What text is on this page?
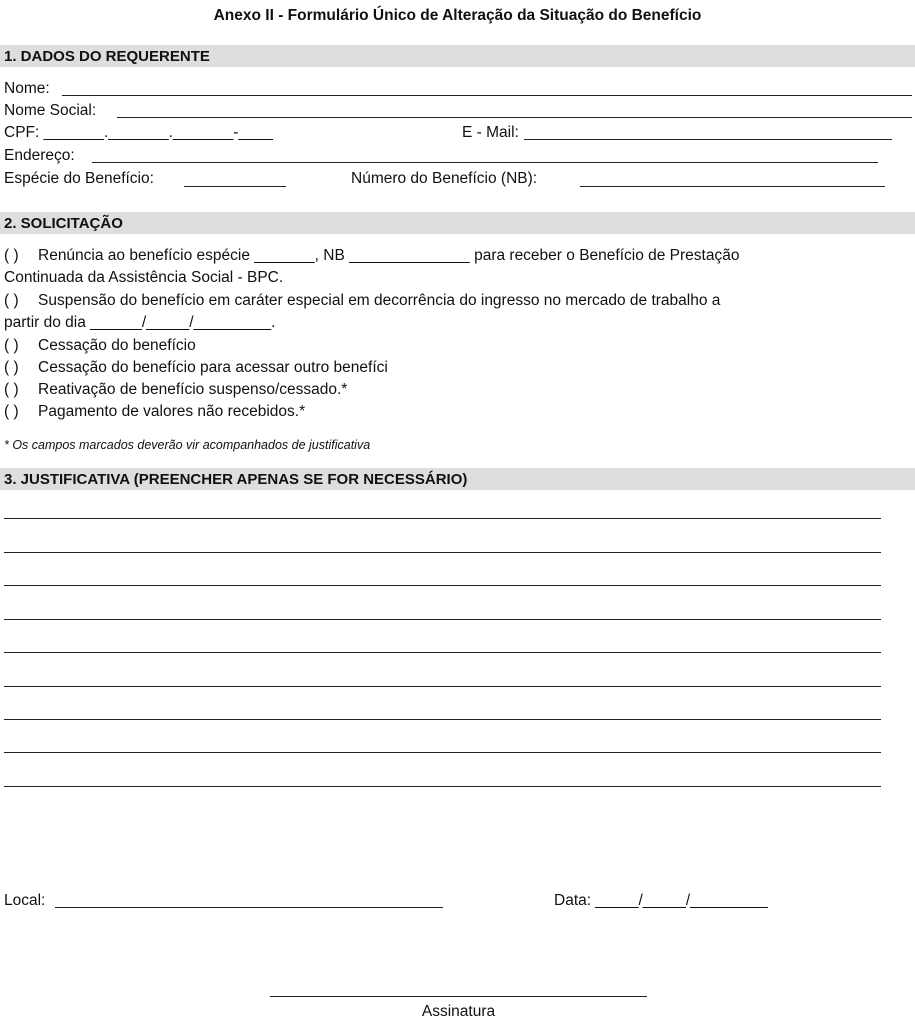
Anexo II - Formulário Único de Alteração da Situação do Benefício
1. DADOS DO REQUERENTE
Nome:
Nome Social:
CPF: _______._______._______-____	E - Mail:
Endereço:
Espécie do Benefício:	Número do Benefício (NB):
2. SOLICITAÇÃO
( ) Renúncia ao benefício espécie _______, NB ______________ para receber o Benefício de Prestação
Continuada da Assistência Social - BPC.
( ) Suspensão do benefício em caráter especial em decorrência do ingresso no mercado de trabalho a
partir do dia ______/_____/_________.
( ) Cessação do benefício
( ) Cessação do benefício para acessar outro benefíci
( ) Reativação de benefício suspenso/cessado.*
( ) Pagamento de valores não recebidos.*
* Os campos marcados deverão vir acompanhados de justificativa
3. JUSTIFICATIVA (PREENCHER APENAS SE FOR NECESSÁRIO)
Local:	Data: _____/_____/_________
Assinatura
